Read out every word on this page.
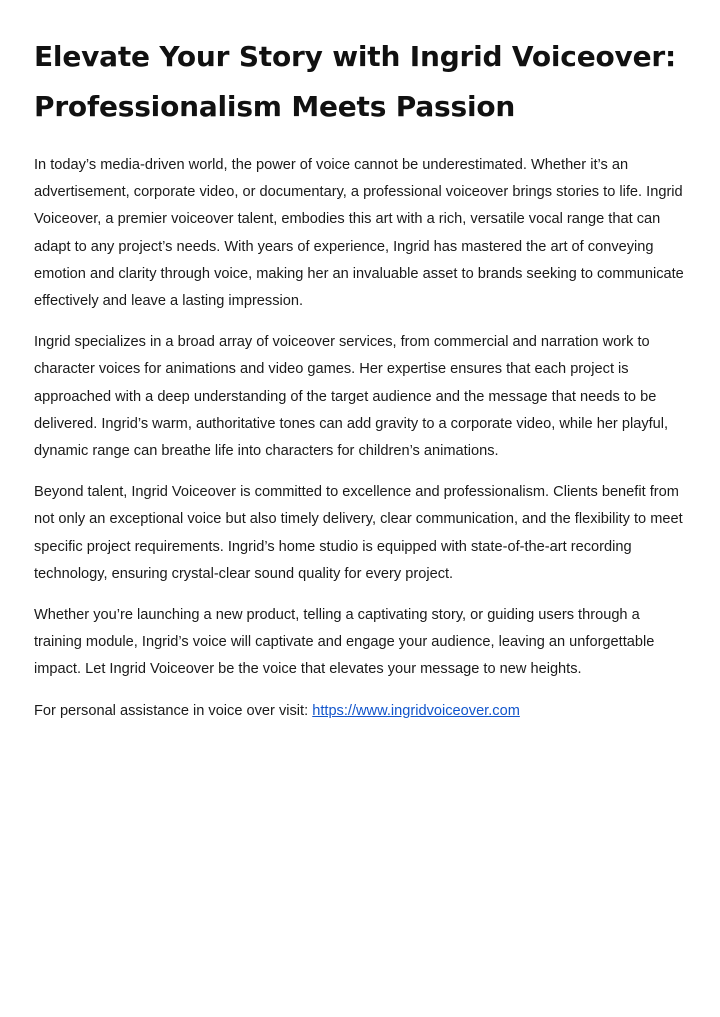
Elevate Your Story with Ingrid Voiceover: Professionalism Meets Passion

In today’s media-driven world, the power of voice cannot be underestimated. Whether it’s an advertisement, corporate video, or documentary, a professional voiceover brings stories to life. Ingrid Voiceover, a premier voiceover talent, embodies this art with a rich, versatile vocal range that can adapt to any project’s needs. With years of experience, Ingrid has mastered the art of conveying emotion and clarity through voice, making her an invaluable asset to brands seeking to communicate effectively and leave a lasting impression.

Ingrid specializes in a broad array of voiceover services, from commercial and narration work to character voices for animations and video games. Her expertise ensures that each project is approached with a deep understanding of the target audience and the message that needs to be delivered. Ingrid’s warm, authoritative tones can add gravity to a corporate video, while her playful, dynamic range can breathe life into characters for children’s animations.

Beyond talent, Ingrid Voiceover is committed to excellence and professionalism. Clients benefit from not only an exceptional voice but also timely delivery, clear communication, and the flexibility to meet specific project requirements. Ingrid’s home studio is equipped with state-of-the-art recording technology, ensuring crystal-clear sound quality for every project.

Whether you’re launching a new product, telling a captivating story, or guiding users through a training module, Ingrid’s voice will captivate and engage your audience, leaving an unforgettable impact. Let Ingrid Voiceover be the voice that elevates your message to new heights.

For personal assistance in voice over visit: https://www.ingridvoiceover.com
